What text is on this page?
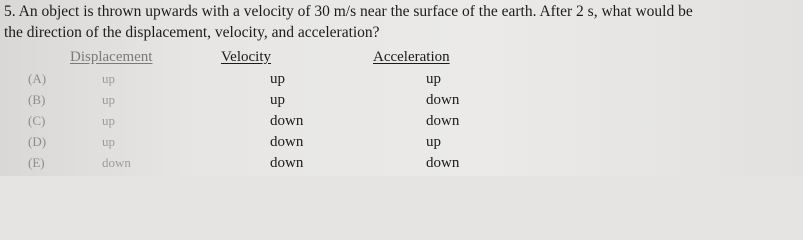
5. An object is thrown upwards with a velocity of 30 m/s near the surface of the earth. After 2 s, what would be
the direction of the displacement, velocity, and acceleration?
Displacement	Velocity	Acceleration
(A)	up	up	up
(B)	up	up	down
(C)	up	down	down
(D)	up	down	up
(E)	down	down	down
